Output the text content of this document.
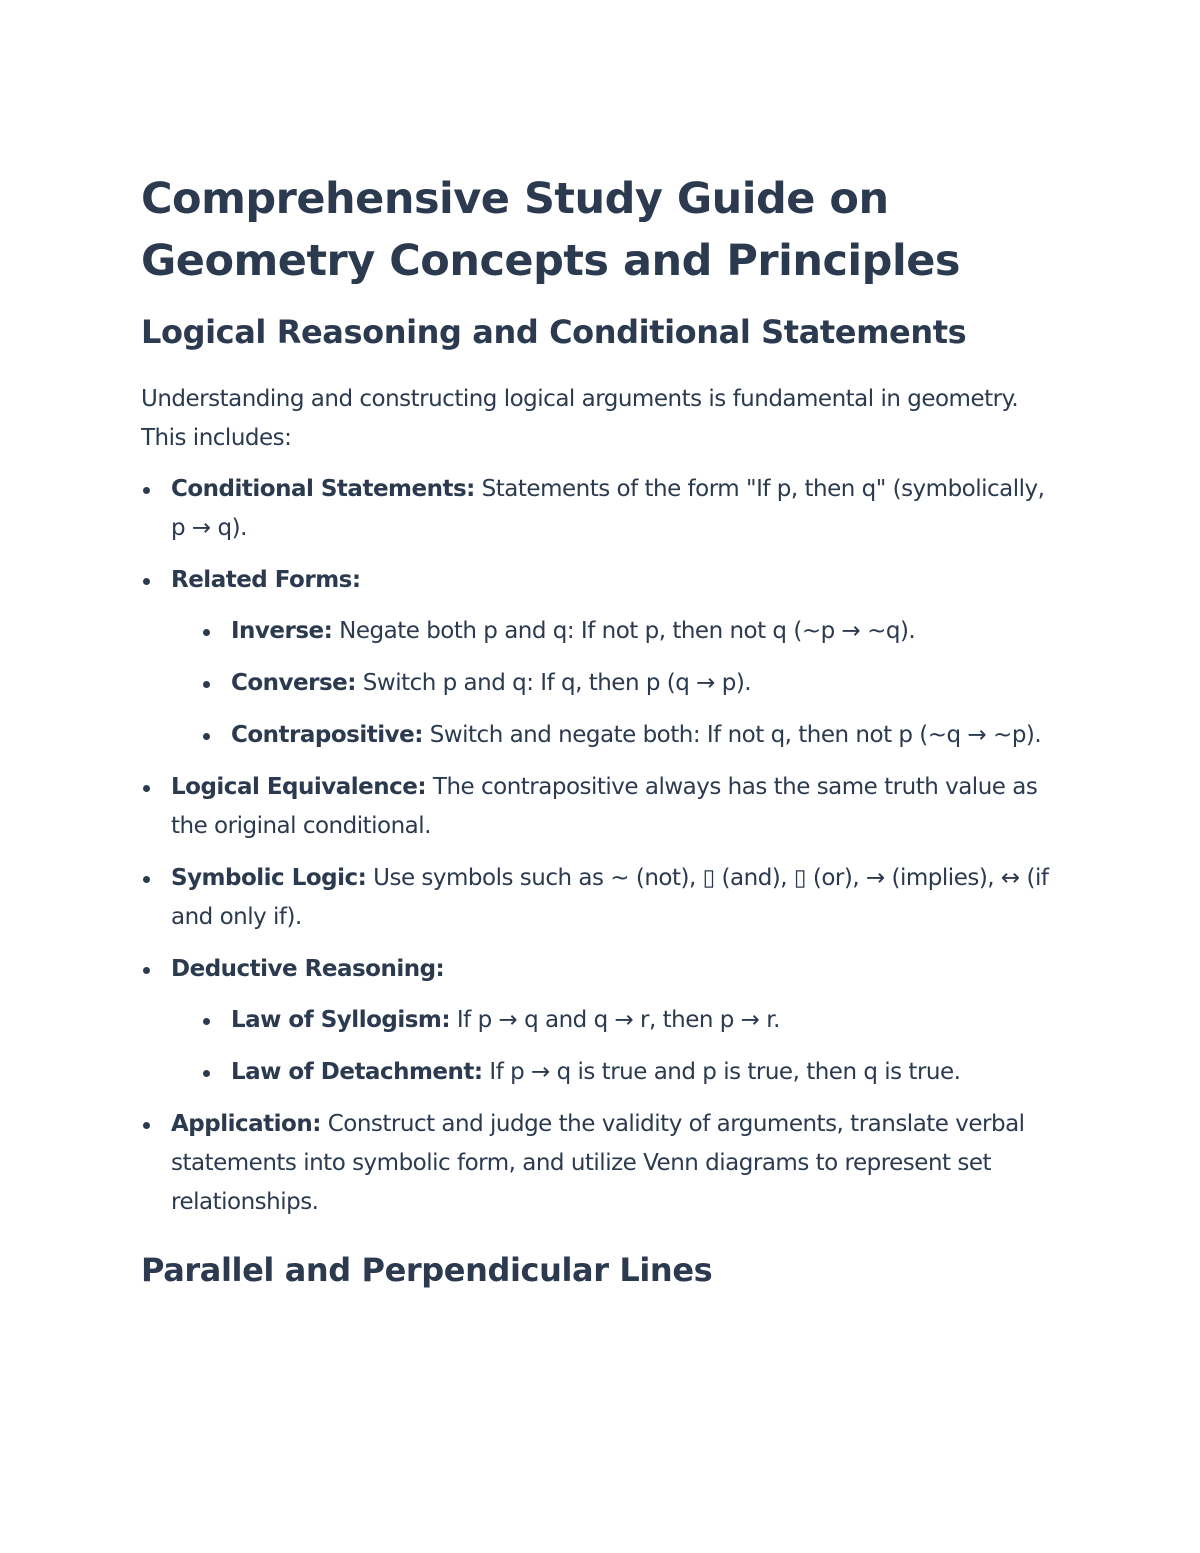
Comprehensive Study Guide on Geometry Concepts and Principles
Logical Reasoning and Conditional Statements

Understanding and constructing logical arguments is fundamental in geometry. This includes:

Conditional Statements: Statements of the form "If p, then q" (symbolically, p → q).
Related Forms:
Inverse: Negate both p and q: If not p, then not q (~p → ~q).
Converse: Switch p and q: If q, then p (q → p).
Contrapositive: Switch and negate both: If not q, then not p (~q → ~p).
Logical Equivalence: The contrapositive always has the same truth value as the original conditional.
Symbolic Logic: Use symbols such as ~ (not), ▯ (and), ▯ (or), → (implies), ↔ (if and only if).
Deductive Reasoning:
Law of Syllogism: If p → q and q → r, then p → r.
Law of Detachment: If p → q is true and p is true, then q is true.
Application: Construct and judge the validity of arguments, translate verbal statements into symbolic form, and utilize Venn diagrams to represent set relationships.
Parallel and Perpendicular Lines
